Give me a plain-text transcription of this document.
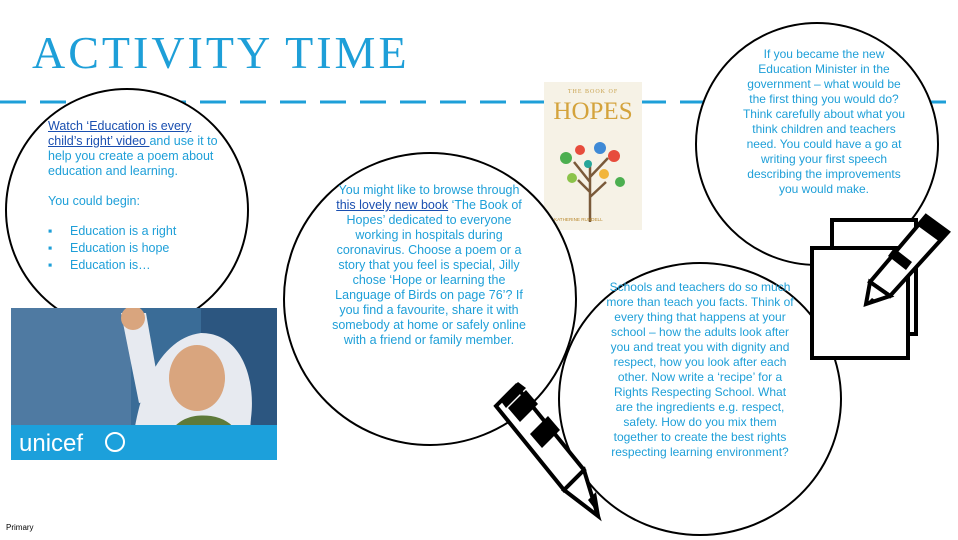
ACTIVITY TIME
Watch ‘Education is every child’s right’ video and use it to help you create a poem about education and learning.
You could begin:
▪ Education is a right
▪ Education is hope
▪ Education is…
unicef
THE BOOK OF
HOPES
KATHERINE RUNDELL
You might like to browse through this lovely new book ‘The Book of Hopes’ dedicated to everyone working in hospitals during coronavirus. Choose a poem or a story that you feel is special, Jilly chose ‘Hope or learning the Language of Birds on page 76’? If you find a favourite, share it with somebody at home or safely online with a friend or family member.
If you became the new Education Minister in the government – what would be the first thing you would do? Think carefully about what you think children and teachers need. You could have a go at writing your first speech describing the improvements you would make.
Schools and teachers do so much more than teach you facts. Think of every thing that happens at your school – how the adults look after you and treat you with dignity and respect, how you look after each other. Now write a ‘recipe’ for a Rights Respecting School. What are the ingredients e.g. respect, safety. How do you mix them together to create the best rights respecting learning environment?
Primary
